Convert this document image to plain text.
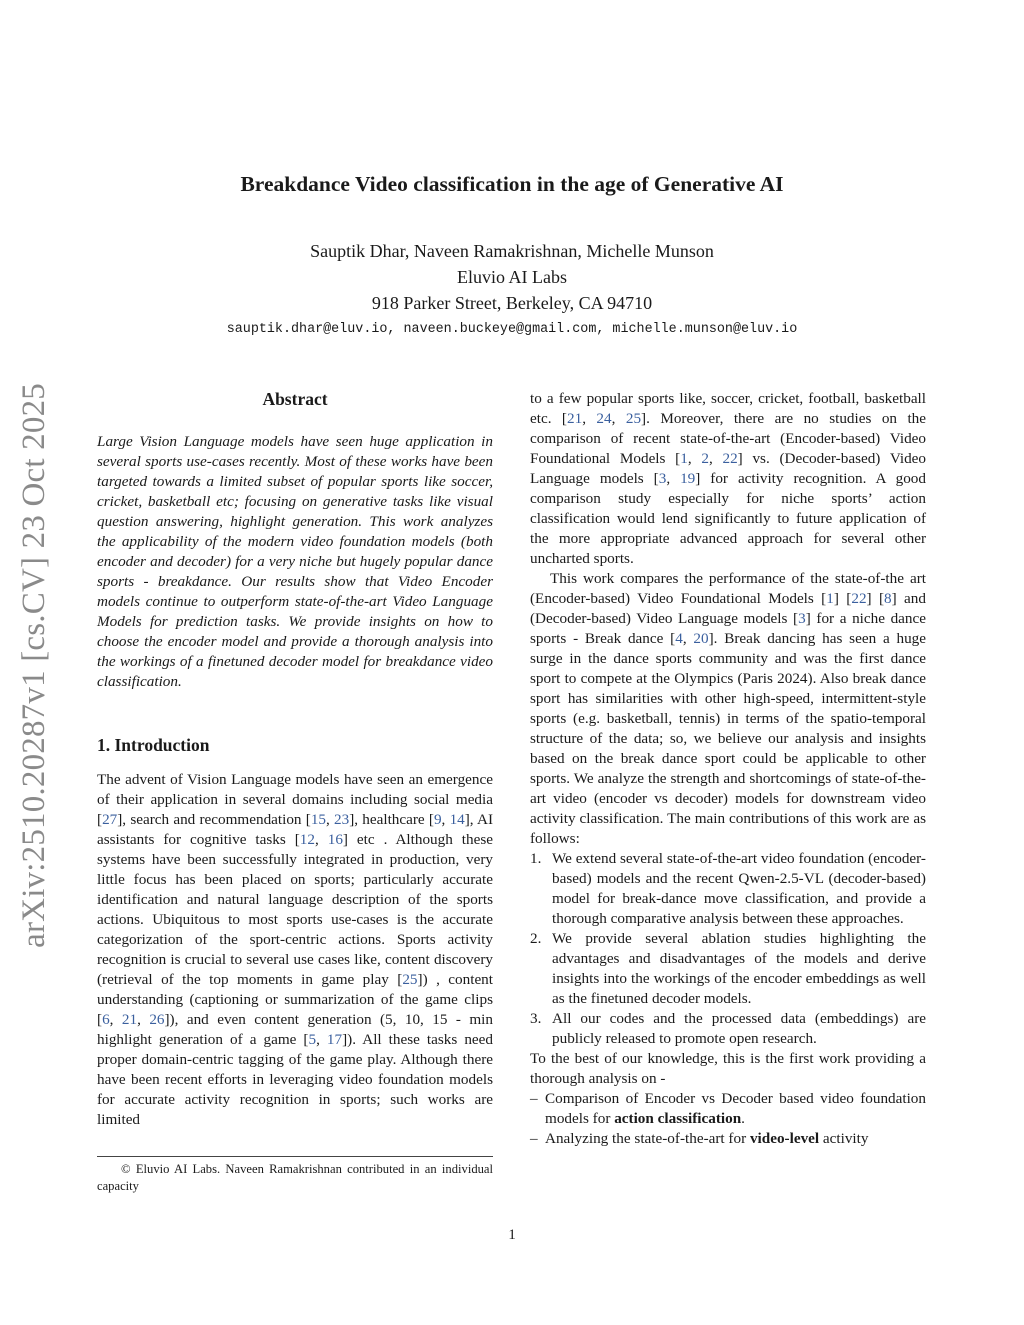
arXiv:2510.20287v1 [cs.CV] 23 Oct 2025
Breakdance Video classification in the age of Generative AI
Sauptik Dhar, Naveen Ramakrishnan, Michelle Munson
Eluvio AI Labs
918 Parker Street, Berkeley, CA 94710
sauptik.dhar@eluv.io, naveen.buckeye@gmail.com, michelle.munson@eluv.io
Abstract

Large Vision Language models have seen huge application in several sports use-cases recently. Most of these works have been targeted towards a limited subset of popular sports like soccer, cricket, basketball etc; focusing on generative tasks like visual question answering, highlight generation. This work analyzes the applicability of the modern video foundation models (both encoder and decoder) for a very niche but hugely popular dance sports - breakdance. Our results show that Video Encoder models continue to outperform state-of-the-art Video Language Models for prediction tasks. We provide insights on how to choose the encoder model and provide a thorough analysis into the workings of a finetuned decoder model for breakdance video classification.

1. Introduction

The advent of Vision Language models have seen an emergence of their application in several domains including social media [27], search and recommendation [15, 23], healthcare [9, 14], AI assistants for cognitive tasks [12, 16] etc . Although these systems have been successfully integrated in production, very little focus has been placed on sports; particularly accurate identification and natural language description of the sports actions. Ubiquitous to most sports use-cases is the accurate categorization of the sport-centric actions. Sports activity recognition is crucial to several use cases like, content discovery (retrieval of the top moments in game play [25]) , content understanding (captioning or summarization of the game clips [6, 21, 26]), and even content generation (5, 10, 15 - min highlight generation of a game [5, 17]). All these tasks need proper domain-centric tagging of the game play. Although there have been recent efforts in leveraging video foundation models for accurate activity recognition in sports; such works are limited

© Eluvio AI Labs. Naveen Ramakrishnan contributed in an individual capacity

to a few popular sports like, soccer, cricket, football, basketball etc. [21, 24, 25]. Moreover, there are no studies on the comparison of recent state-of-the-art (Encoder-based) Video Foundational Models [1, 2, 22] vs. (Decoder-based) Video Language models [3, 19] for activity recognition. A good comparison study especially for niche sports’ action classification would lend significantly to future application of the more appropriate advanced approach for several other uncharted sports.

This work compares the performance of the state-of-the art (Encoder-based) Video Foundational Models [1] [22] [8] and (Decoder-based) Video Language models [3] for a niche dance sports - Break dance [4, 20]. Break dancing has seen a huge surge in the dance sports community and was the first dance sport to compete at the Olympics (Paris 2024). Also break dance sport has similarities with other high-speed, intermittent-style sports (e.g. basketball, tennis) in terms of the spatio-temporal structure of the data; so, we believe our analysis and insights based on the break dance sport could be applicable to other sports. We analyze the strength and shortcomings of state-of-the-art video (encoder vs decoder) models for downstream video activity classification. The main contributions of this work are as follows:

1. We extend several state-of-the-art video foundation (encoder-based) models and the recent Qwen-2.5-VL (decoder-based) model for break-dance move classification, and provide a thorough comparative analysis between these approaches.
2. We provide several ablation studies highlighting the advantages and disadvantages of the models and derive insights into the workings of the encoder embeddings as well as the finetuned decoder models.
3. All our codes and the processed data (embeddings) are publicly released to promote open research.

To the best of our knowledge, this is the first work providing a thorough analysis on -

– Comparison of Encoder vs Decoder based video foundation models for action classification.
– Analyzing the state-of-the-art for video-level activity
1
